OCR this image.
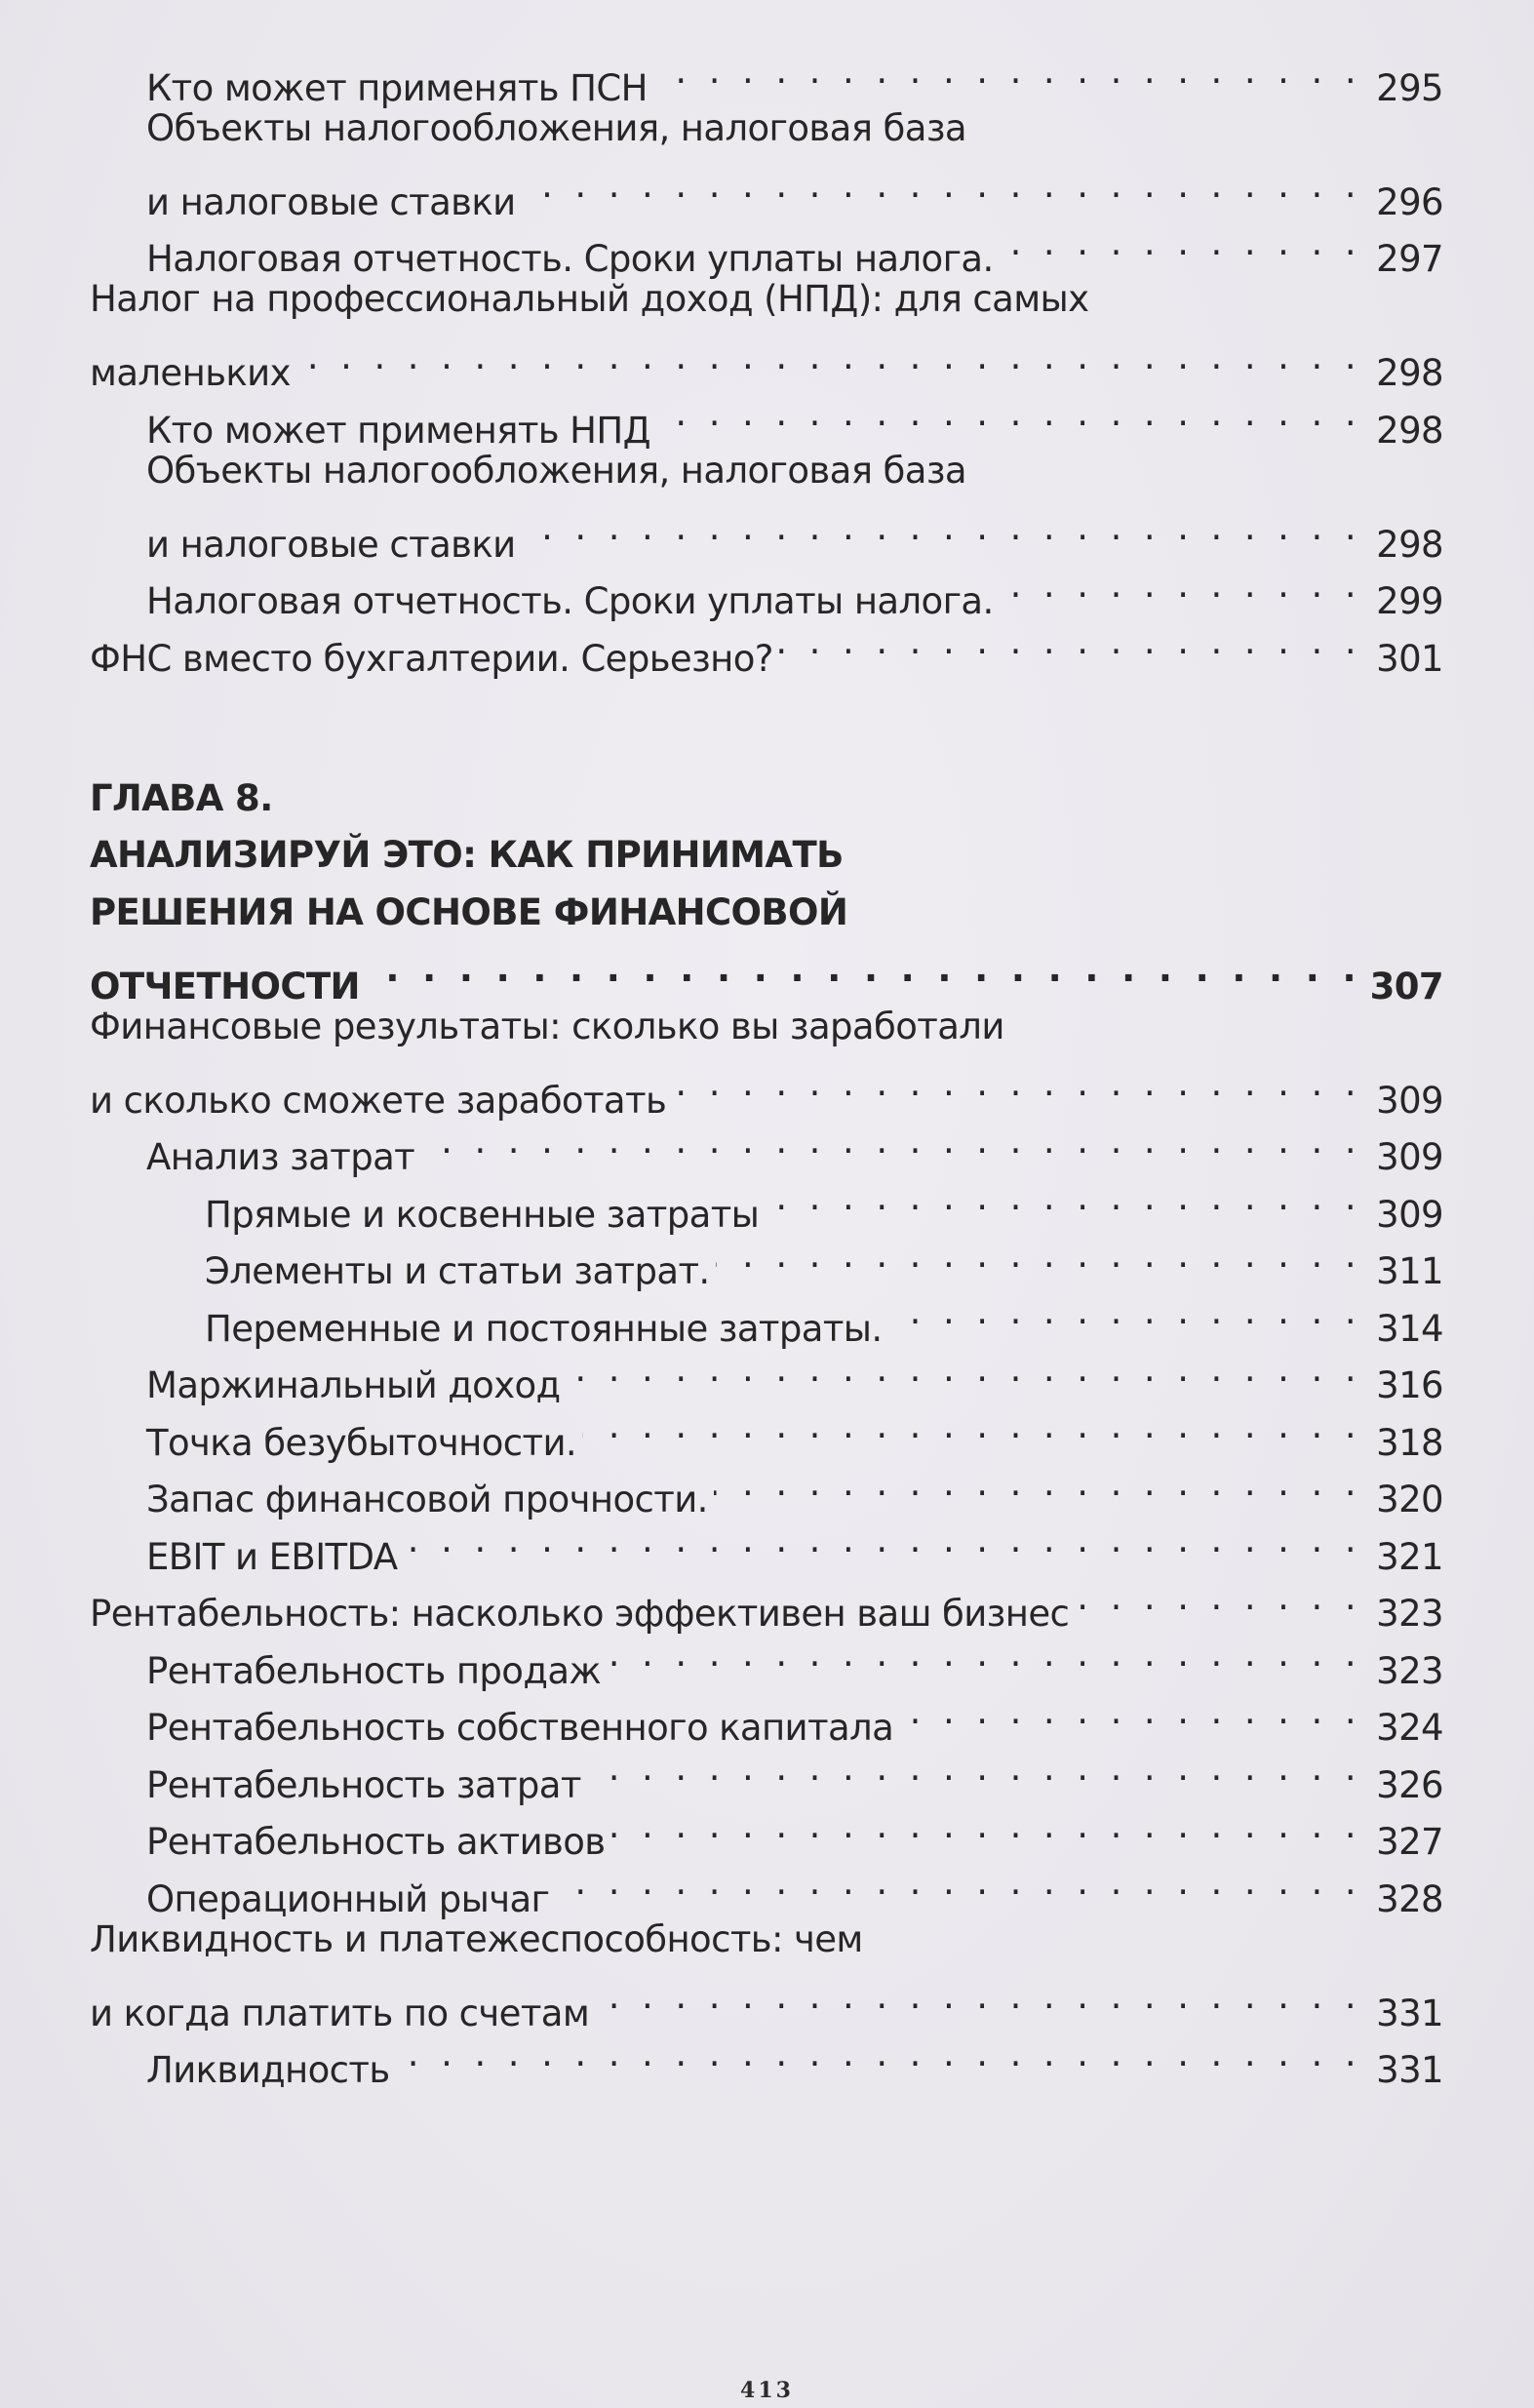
Кто может применять ПСН . . .	295
Объекты налогообложения, налоговая база
и налоговые ставки . . .	296
Налоговая отчетность. Сроки уплаты налога. . . .	297
Налог на профессиональный доход (НПД): для самых
маленьких . . .	298
Кто может применять НПД . . .	298
Объекты налогообложения, налоговая база
и налоговые ставки . . .	298
Налоговая отчетность. Сроки уплаты налога. . . .	299
ФНС вместо бухгалтерии. Серьезно? . . .	301
ГЛАВА 8.
АНАЛИЗИРУЙ ЭТО: КАК ПРИНИМАТЬ
РЕШЕНИЯ НА ОСНОВЕ ФИНАНСОВОЙ
ОТЧЕТНОСТИ . . .	307
Финансовые результаты: сколько вы заработали
и сколько сможете заработать . . .	309
Анализ затрат . . .	309
Прямые и косвенные затраты . . .	309
Элементы и статьи затрат. . . .	311
Переменные и постоянные затраты. . . .	314
Маржинальный доход . . .	316
Точка безубыточности. . . .	318
Запас финансовой прочности. . . .	320
EBIT и EBITDA . . .	321
Рентабельность: насколько эффективен ваш бизнес . . .	323
Рентабельность продаж . . .	323
Рентабельность собственного капитала . . .	324
Рентабельность затрат . . .	326
Рентабельность активов . . .	327
Операционный рычаг . . .	328
Ликвидность и платежеспособность: чем
и когда платить по счетам . . .	331
Ликвидность . . .	331
413
